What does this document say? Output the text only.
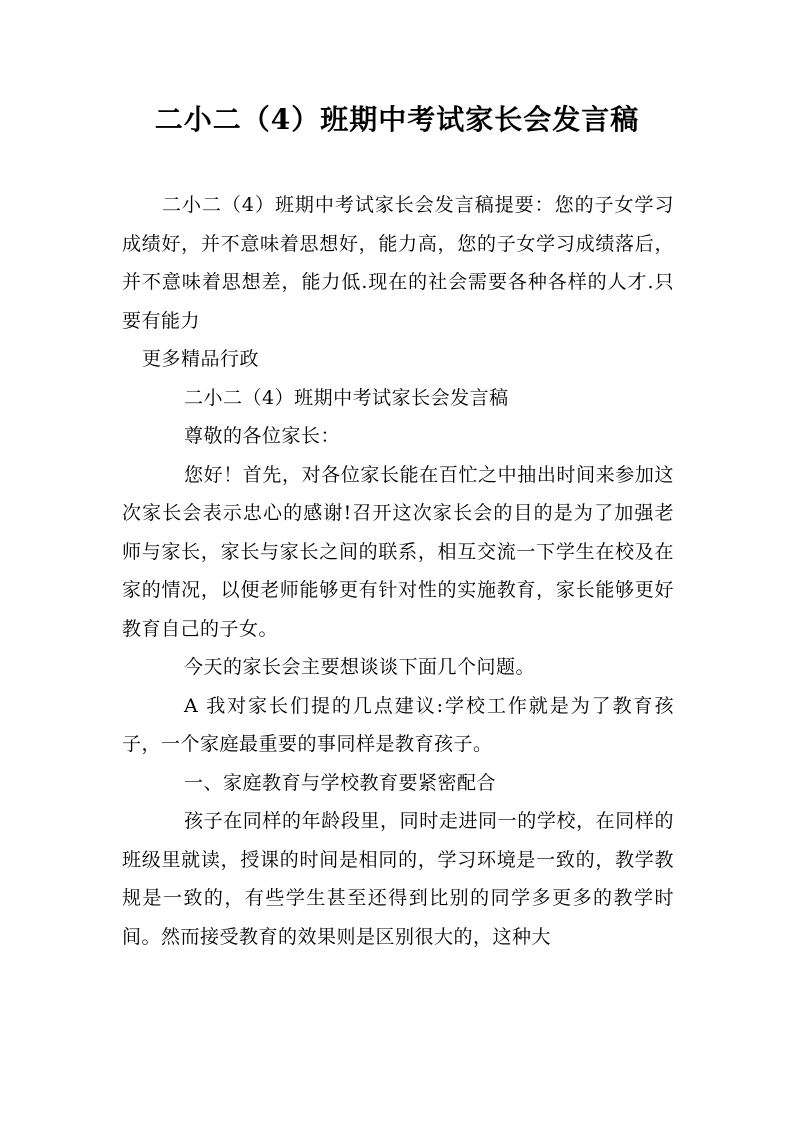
二小二（4）班期中考试家长会发言稿

二小二（4）班期中考试家长会发言稿提要：您的子女学习成绩好，并不意味着思想好，能力高，您的子女学习成绩落后，并不意味着思想差，能力低.现在的社会需要各种各样的人才.只要有能力

更多精品行政

二小二（4）班期中考试家长会发言稿

尊敬的各位家长：

您好！首先，对各位家长能在百忙之中抽出时间来参加这次家长会表示忠心的感谢!召开这次家长会的目的是为了加强老师与家长，家长与家长之间的联系，相互交流一下学生在校及在家的情况，以便老师能够更有针对性的实施教育，家长能够更好教育自己的子女。

今天的家长会主要想谈谈下面几个问题。

A 我对家长们提的几点建议:学校工作就是为了教育孩子，一个家庭最重要的事同样是教育孩子。

一、家庭教育与学校教育要紧密配合

孩子在同样的年龄段里，同时走进同一的学校，在同样的班级里就读，授课的时间是相同的，学习环境是一致的，教学教规是一致的，有些学生甚至还得到比别的同学多更多的教学时间。然而接受教育的效果则是区别很大的，这种大
